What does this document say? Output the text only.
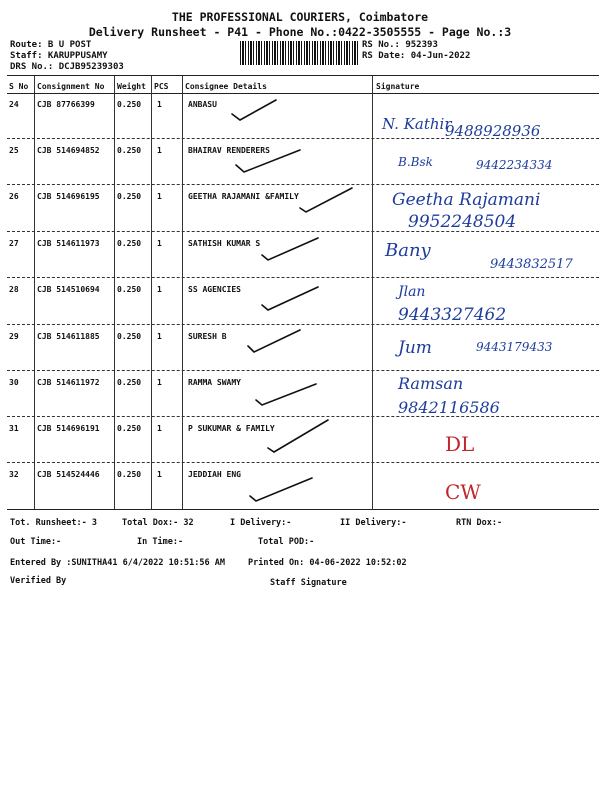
THE PROFESSIONAL COURIERS, Coimbatore
Delivery Runsheet - P41 - Phone No.:0422-3505555 - Page No.:3
Route: B U POST
Staff: KARUPPUSAMY
DRS No.: DCJB95239303
RS No.: 952393
RS Date: 04-Jun-2022
S No Consignment No Weight PCS Consignee Details	Signature
24 CJB 87766399	0.250 1	ANBASU
N. Kathir
9488928936
25 CJB 514694852 0.250 1	BHAIRAV RENDERERS
B.Bsk	9442234334
26 CJB 514696195 0.250 1	GEETHA RAJAMANI &FAMILY	Geetha Rajamani
9952248504
27 CJB 514611973 0.250 1	SATHISH KUMAR S	Bany
9443832517
28 CJB 514510694 0.250 1	SS AGENCIES	Jlan
9443327462
29 CJB 514611885 0.250 1	SURESH B
Jum	9443179433
30 CJB 514611972 0.250 1	RAMMA SWAMY	Ramsan
9842116586
31 CJB 514696191 0.250 1	P SUKUMAR & FAMILY
DL
32 CJB 514524446 0.250 1	JEDDIAH ENG
CW
Tot. Runsheet:- 3	Total Dox:- 32	I Delivery:-	II Delivery:-	RTN Dox:-
Out Time:-	In Time:-	Total POD:-
Entered By :SUNITHA41 6/4/2022 10:51:56 AM	Printed On: 04-06-2022 10:52:02
Verified By	Staff Signature
